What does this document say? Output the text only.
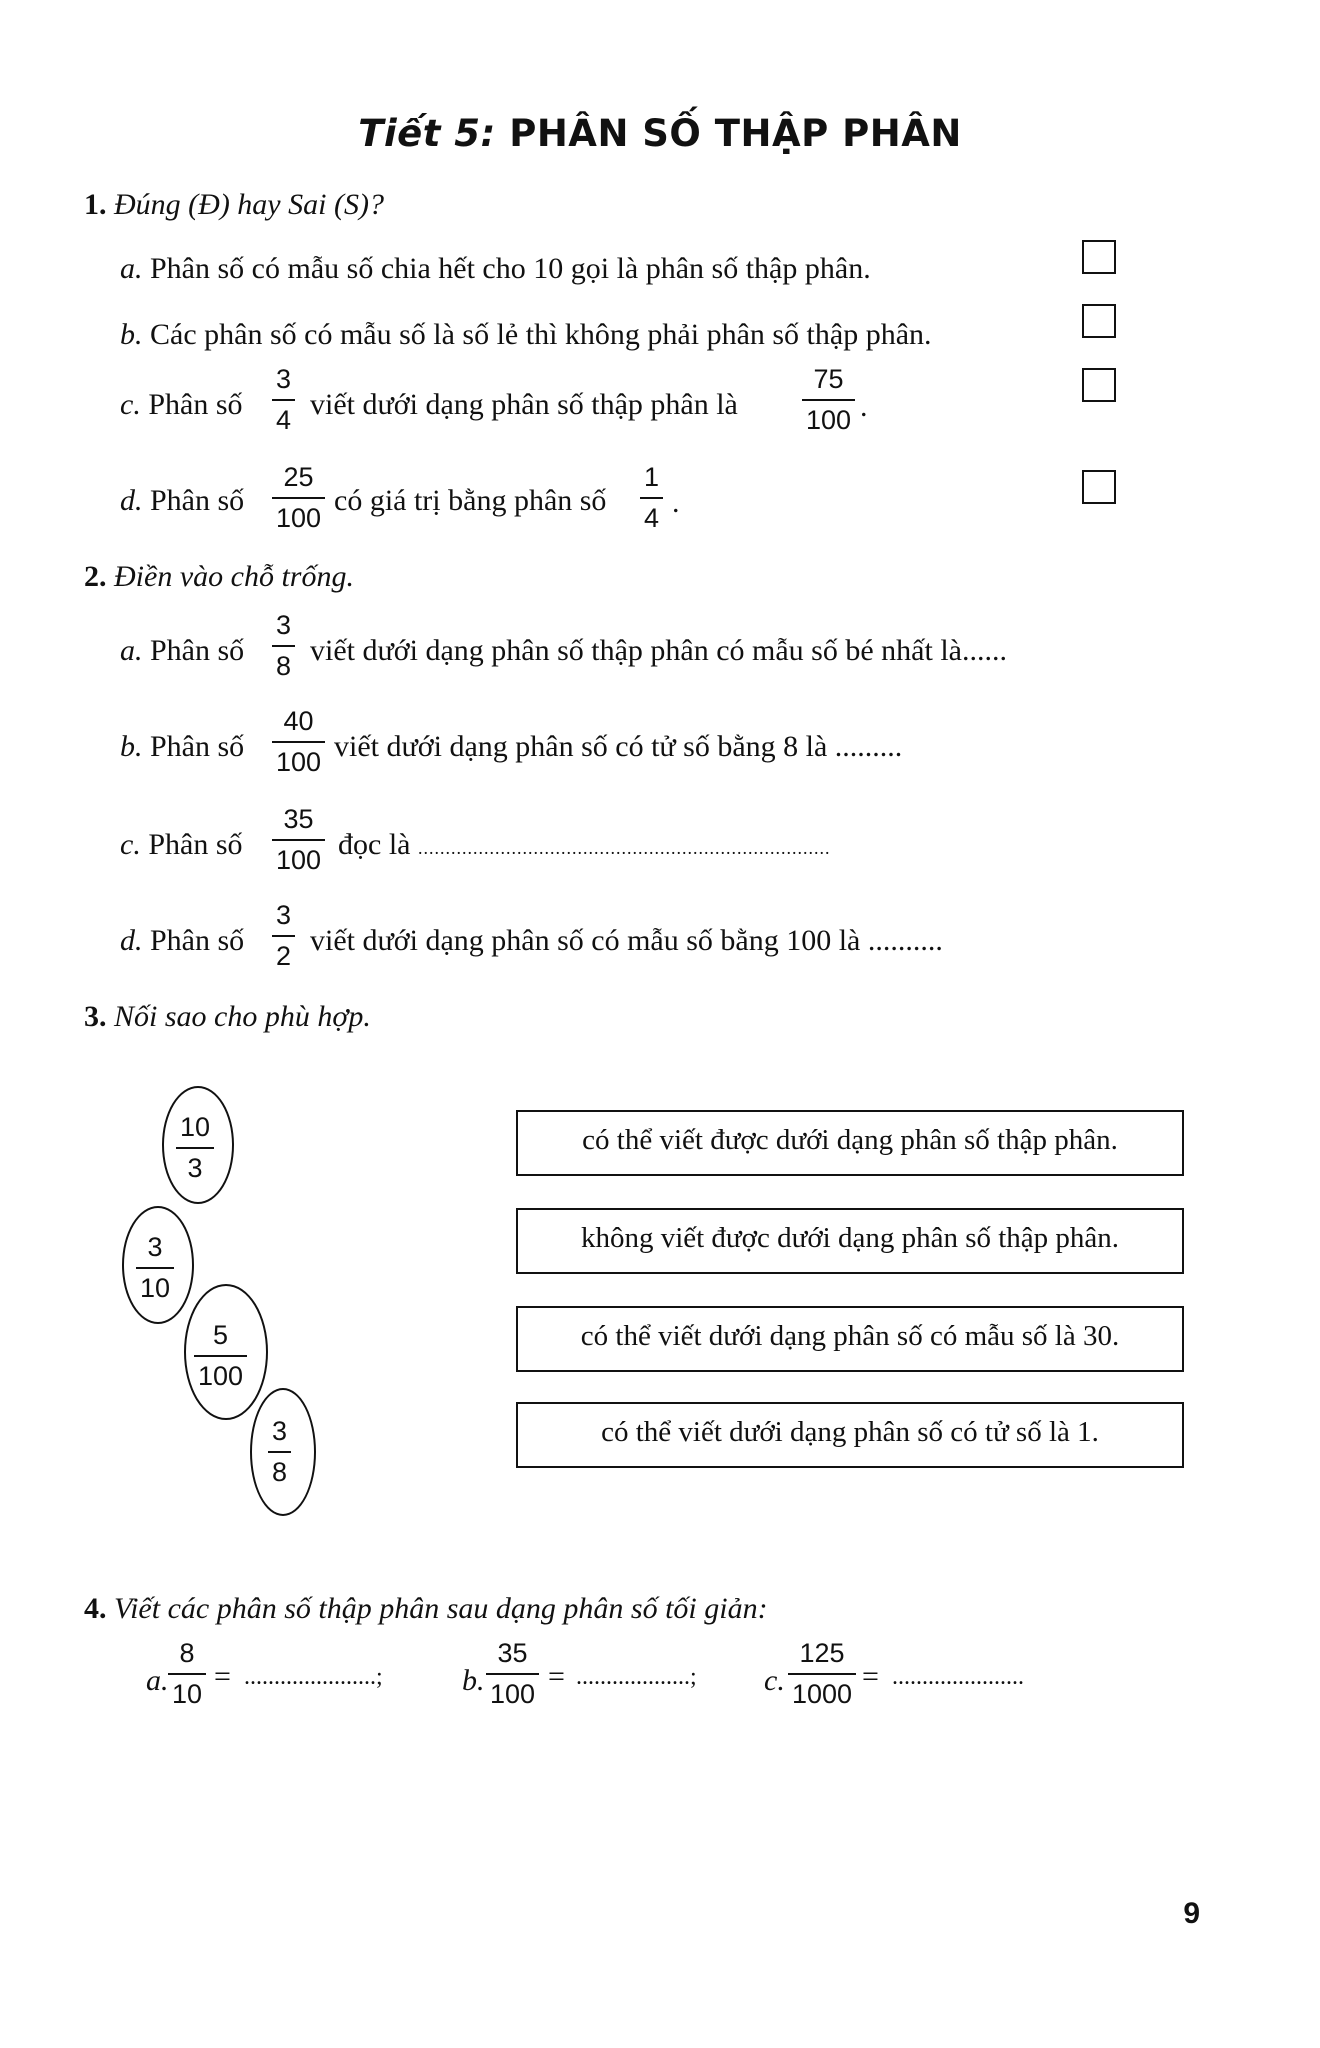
Tiết 5: PHÂN SỐ THẬP PHÂN
1. Đúng (Đ) hay Sai (S)?
a. Phân số có mẫu số chia hết cho 10 gọi là phân số thập phân.
b. Các phân số có mẫu số là số lẻ thì không phải phân số thập phân.
c. Phân số
3
4 viết dưới dạng phân số thập phân là
75
100 .
d. Phân số
25
100
có giá trị bằng phân số
1
4 .
2. Điền vào chỗ trống.
a. Phân số
3
8 viết dưới dạng phân số thập phân có mẫu số bé nhất là......
b. Phân số
40
100 viết dưới dạng phân số có tử số bằng 8 là .........
c. Phân số
35
100 đọc là ...........................................................................
d. Phân số
3
2 viết dưới dạng phân số có mẫu số bằng 100 là ..........
3. Nối sao cho phù hợp.
10
3
3
10
5
100
3
8
có thể viết được dưới dạng phân số thập phân.
không viết được dưới dạng phân số thập phân.
có thể viết dưới dạng phân số có mẫu số là 30.
có thể viết dưới dạng phân số có tử số là 1.
4. Viết các phân số thập phân sau dạng phân số tối giản:
a.
8
10
= ......................;	b.
35
100
= ...................; c.
125
1000
= ......................
9
